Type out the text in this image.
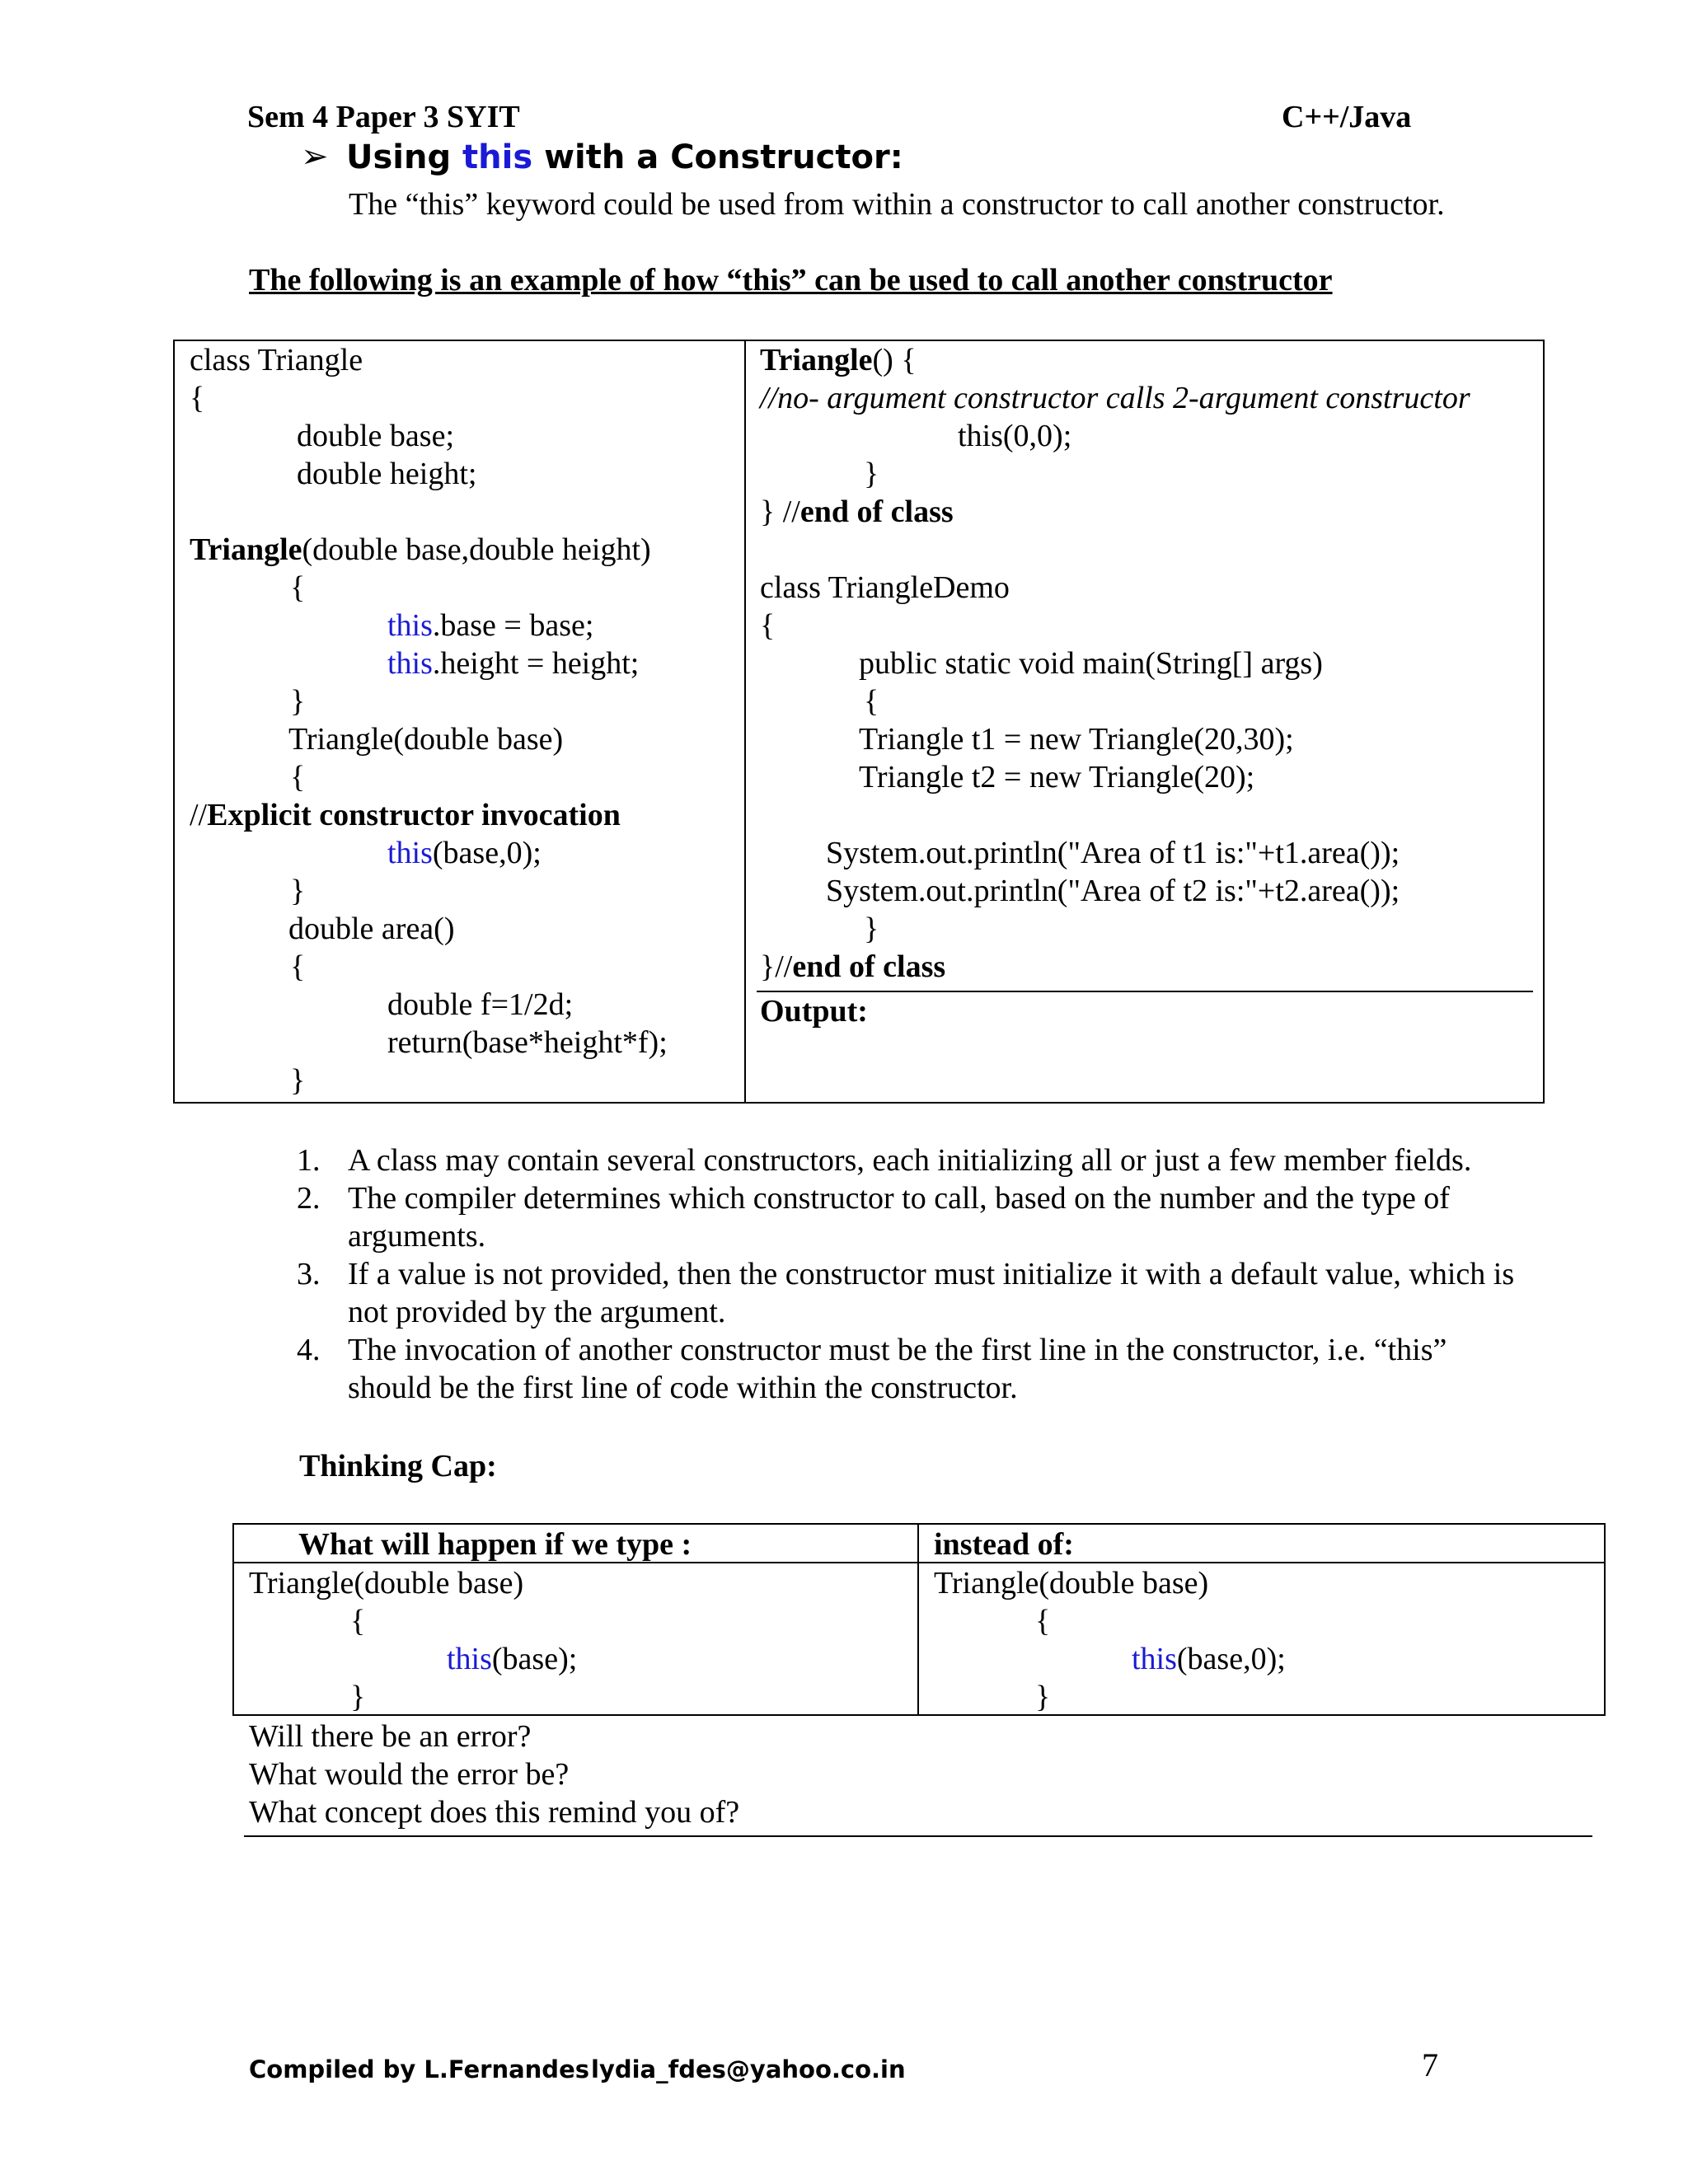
Sem 4 Paper 3 SYIT	C++/Java
➢ Using this with a Constructor:
The “this” keyword could be used from within a constructor to call another constructor.
The following is an example of how “this” can be used to call another constructor
class Triangle
{
double base;
double height;
Triangle(double base,double height)
{
this.base = base;
this.height = height;
}
Triangle(double base)
{
//Explicit constructor invocation
this(base,0);
}
double area()
{
double f=1/2d;
return(base*height*f);
}
Triangle() {
//no- argument constructor calls 2-argument constructor
this(0,0);
}
} //end of class
class TriangleDemo
{
public static void main(String[] args)
{
Triangle t1 = new Triangle(20,30);
Triangle t2 = new Triangle(20);
System.out.println("Area of t1 is:"+t1.area());
System.out.println("Area of t2 is:"+t2.area());
}
}//end of class
Output:
1. A class may contain several constructors, each initializing all or just a few member fields.
2. The compiler determines which constructor to call, based on the number and the type of
arguments.
3. If a value is not provided, then the constructor must initialize it with a default value, which is
not provided by the argument.
4. The invocation of another constructor must be the first line in the constructor, i.e. “this”
should be the first line of code within the constructor.
Thinking Cap:
What will happen if we type :	instead of:
Triangle(double base)
{
this(base);
}
Triangle(double base)
{
this(base,0);
}
Will there be an error?
What would the error be?
What concept does this remind you of?
Compiled by L.Fernandes lydia_fdes@yahoo.co.in	7
